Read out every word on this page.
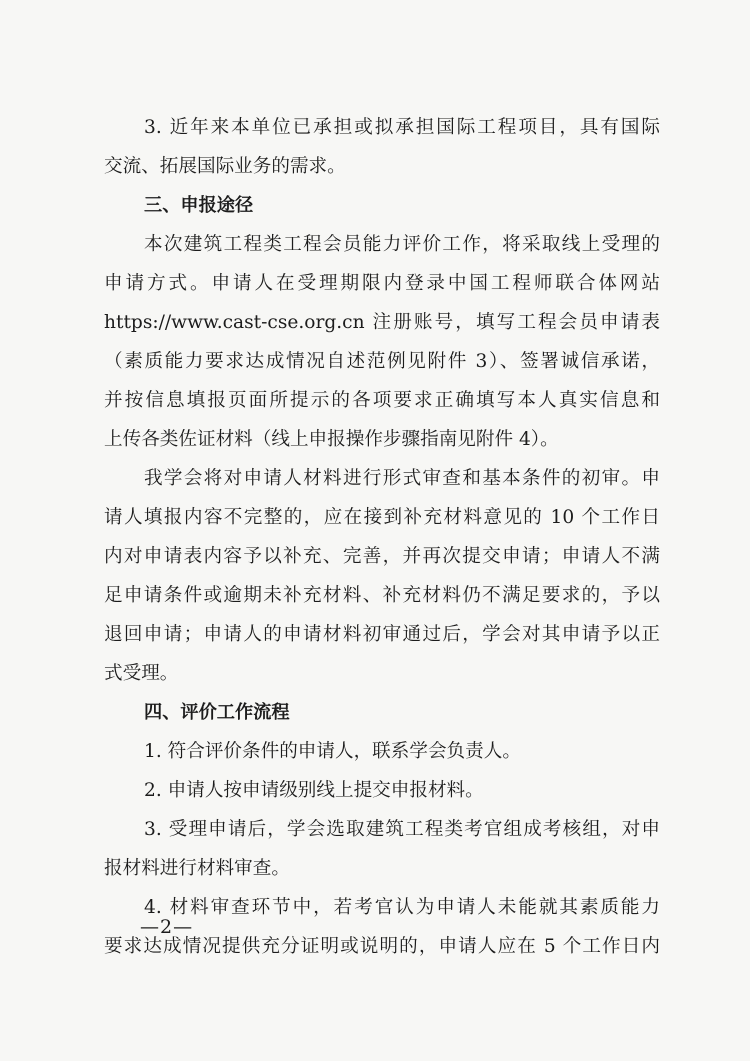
3. 近年来本单位已承担或拟承担国际工程项目，具有国际
交流、拓展国际业务的需求。
三、申报途径
本次建筑工程类工程会员能力评价工作，将采取线上受理的
申请方式。申请人在受理期限内登录中国工程师联合体网站
https://www.cast-cse.org.cn 注册账号，填写工程会员申请表
（素质能力要求达成情况自述范例见附件 3）、签署诚信承诺，
并按信息填报页面所提示的各项要求正确填写本人真实信息和
上传各类佐证材料（线上申报操作步骤指南见附件 4）。
我学会将对申请人材料进行形式审查和基本条件的初审。申
请人填报内容不完整的，应在接到补充材料意见的 10 个工作日
内对申请表内容予以补充、完善，并再次提交申请；申请人不满
足申请条件或逾期未补充材料、补充材料仍不满足要求的，予以
退回申请；申请人的申请材料初审通过后，学会对其申请予以正
式受理。
四、评价工作流程
1. 符合评价条件的申请人，联系学会负责人。
2. 申请人按申请级别线上提交申报材料。
3. 受理申请后，学会选取建筑工程类考官组成考核组，对申
报材料进行材料审查。
4. 材料审查环节中，若考官认为申请人未能就其素质能力
要求达成情况提供充分证明或说明的，申请人应在 5 个工作日内
—2—
